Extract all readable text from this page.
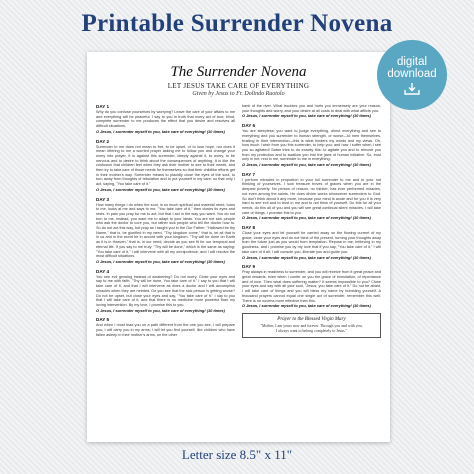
Printable Surrender Novena
digital
download
The Surrender Novena
LET JESUS TAKE CARE OF EVERYTHING
Given by Jesus to Fr. Dolindo Ruotolo
DAY 1
Why do you confuse yourselves by worrying? Leave the care of your affairs to me and everything will be peaceful. I say to you in truth that every act of true, blind, complete surrender to me produces the effect that you desire and resolves all difficult situations.
O Jesus, I surrender myself to you, take care of everything! (10 times)
DAY 2
Surrender to me does not mean to fret, to be upset, or to lose hope, nor does it mean offering to me a worried prayer asking me to follow you and change your worry into prayer. It is against this surrender, deeply against it, to worry, to be nervous and to desire to think about the consequences of anything. It is like the confusion that children feel when they ask their mother to see to their needs, and then try to take care of those needs for themselves so that their childlike efforts get in their mother's way. Surrender means to placidly close the eyes of the soul, to turn away from thoughts of tribulation and to put yourself in my care, so that only I act, saying, "You take care of it."
O Jesus, I surrender myself to you, take care of everything! (10 times)
DAY 3
How many things I do when the soul, in so much spiritual and material need, turns to me, looks at me and says to me, "You take care of it," then closes its eyes and rests. In pain you pray for me to act, but that I act in the way you want. You do not turn to me, instead, you want me to adapt to your ideas. You are not sick people who ask the doctor to cure you, but rather sick people who tell the doctor how to. So do not act this way, but pray as I taught you in the Our Father: "Hallowed be thy Name," that is, be glorified in my need. "Thy kingdom come," that is, let all that is in us and in the world be in accord with your kingdom. "Thy will be done on Earth as it is in Heaven," that is, in our need, decide as you see fit for our temporal and eternal life. If you say to me truly: "Thy will be done," which is the same as saying: "You take care of it," I will intervene with all my omnipotence, and I will resolve the most difficult situations.
O Jesus, I surrender myself to you, take care of everything! (10 times)
DAY 4
You see evil growing instead of weakening? Do not worry. Close your eyes and say to me with faith: "Thy will be done, You take care of it." I say to you that I will take care of it, and that I will intervene as does a doctor and I will accomplish miracles when they are needed. Do you see that the sick person is getting worse? Do not be upset, but close your eyes and say, "You take care of it." I say to you that I will take care of it, and that there is no medicine more powerful than my loving intervention. By my love, I promise this to you.
O Jesus, I surrender myself to you, take care of everything! (10 times)
DAY 5
And when I must lead you on a path different from the one you see, I will prepare you; I will carry you in my arms; I will let you find yourself, like children who have fallen asleep in their mother's arms, on the other
bank of the river. What troubles you and hurts you immensely are your reason, your thoughts and worry, and your desire at all costs to deal with what afflicts you.
O Jesus, I surrender myself to you, take care of everything! (10 times)
DAY 6
You are sleepless; you want to judge everything, direct everything and see to everything and you surrender to human strength, or worse—to men themselves, trusting in their intervention—this is what hinders my words and my views. Oh, how much I wish from you this surrender, to help you; and how I suffer when I see you so agitated! Satan tries to do exactly this: to agitate you and to remove you from my protection and to swallow you into the jaws of human initiative. So, trust only in me, rest in me, surrender to me in everything.
O Jesus, I surrender myself to you, take care of everything! (10 times)
DAY 7
I perform miracles in proportion to your full surrender to me and to your not thinking of yourselves. I sow treasure troves of graces when you are in the deepest poverty. No person of reason, no thinker, has ever performed miracles, not even among the saints. He does divine works whosoever surrenders to God. So don't think about it any more, because your mind is acute and for you it is very hard to see evil and to trust in me and to not think of yourself. Do this for all your needs, do this all of you and you will see great continual silent miracles. I will take care of things, I promise this to you.
O Jesus, I surrender myself to you, take care of everything! (10 times)
DAY 8
Close your eyes and let yourself be carried away on the flowing current of my grace; close your eyes and do not think of the present, turning your thoughts away from the future just as you would from temptation. Repose in me, believing in my goodness, and I promise you by my love that if you say, "You take care of it," I will take care of it all; I will console you, liberate you and guide you.
O Jesus, I surrender myself to you, take care of everything! (10 times)
DAY 9
Pray always in readiness to surrender, and you will receive from it great peace and great rewards, even when I confer on you the grace of immolation, of repentance and of love. Then what does suffering matter? It seems impossible to you? Close your eyes and say with all your soul, "Jesus, you take care of it." Do not be afraid, I will take care of things and you will bless my name by humbling yourself. A thousand prayers cannot equal one single act of surrender, remember this well. There is no novena more effective than this.
O Jesus, I surrender myself to you, take care of everything! (10 times)
Prayer to the Blessed Virgin Mary
"Mother, I am yours now and forever. Through you and with you,
I always want to belong completely to Jesus."
Letter size 8.5" x 11"
